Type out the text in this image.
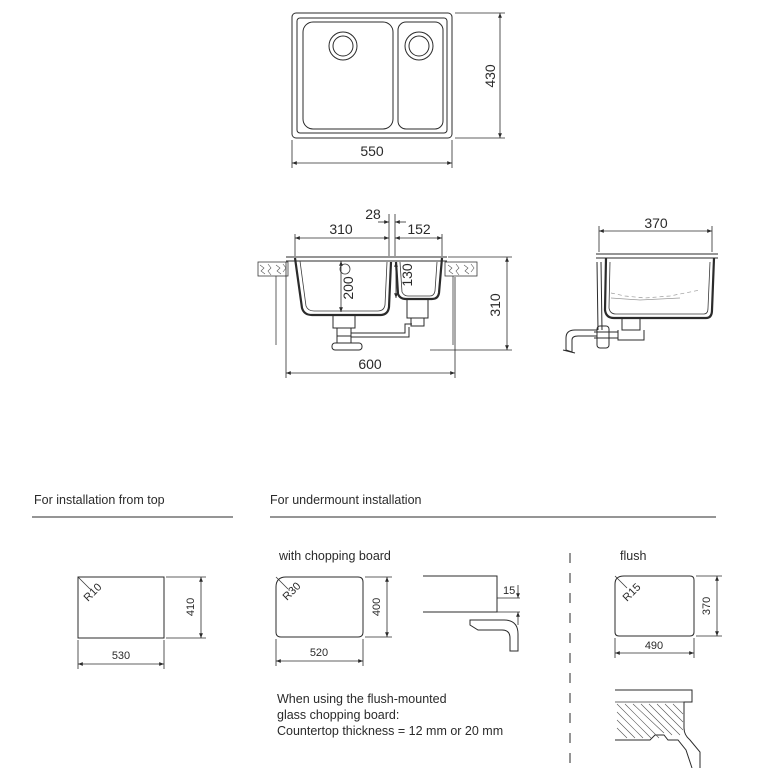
430
550
310
28
152
200
130
310
600
370
For installation from top	For undermount installation
R10
410
530
with chopping board
R30
400
520
15
When using the flush-mounted
glass chopping board:
Countertop thickness = 12 mm or 20 mm
flush
R15
370
490
